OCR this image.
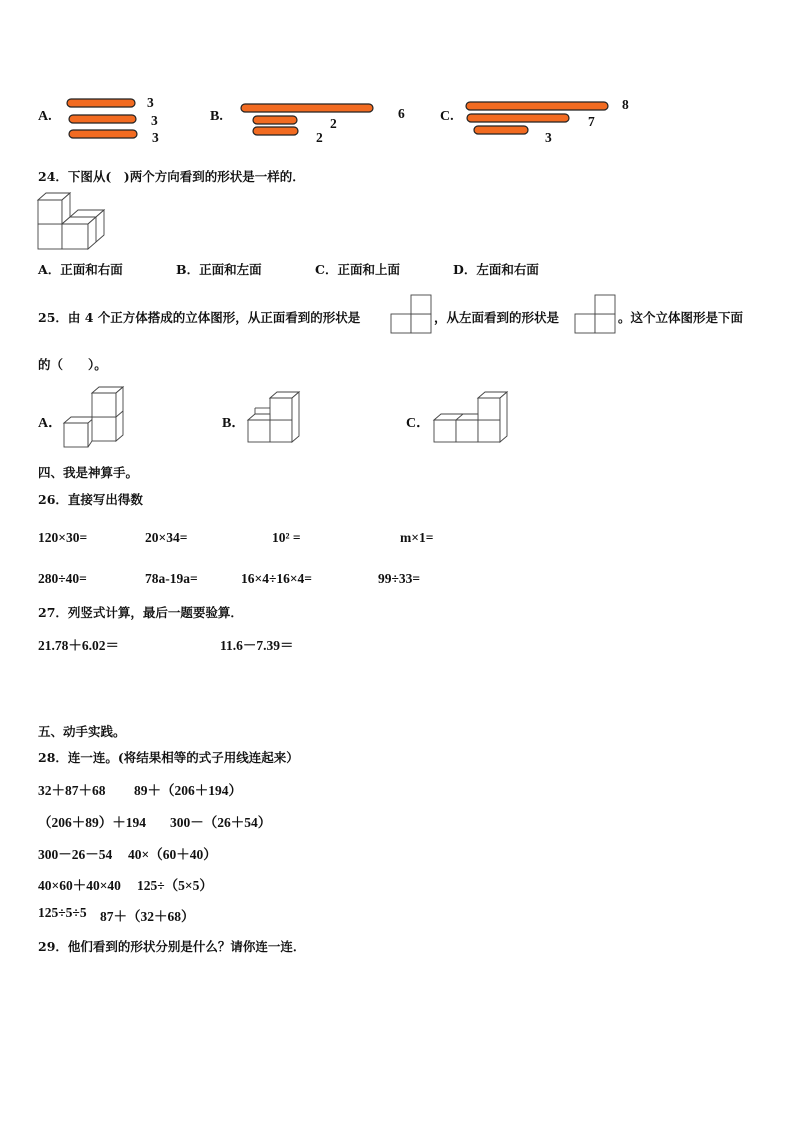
A.
3
3
3
B.	6
2
2
C.
8
7
3
24．下图从(　)两个方向看到的形状是一样的．
A．正面和右面	B．正面和左面	C．正面和上面	D．左面和右面
25．由 4 个正方体搭成的立体图形，从正面看到的形状是	，从左面看到的形状是	。这个立体图形是下面
的（　　）。
A．	B．	C．
四、我是神算手。
26．直接写出得数
120×30=	20×34=	10² =	m×1=
280÷40=	78a-19a=	16×4÷16×4=	99÷33=
27．列竖式计算，最后一题要验算．
21.78＋6.02＝	11.6－7.39＝
五、动手实践。
28．连一连。(将结果相等的式子用线连起来）
32＋87＋68 89＋（206＋194）
（206＋89）＋194 300－（26＋54）
300－26－54 40×（60＋40）
40×60＋40×40 125÷（5×5）
125÷5÷5 87＋（32＋68）
29．他们看到的形状分别是什么？请你连一连．
